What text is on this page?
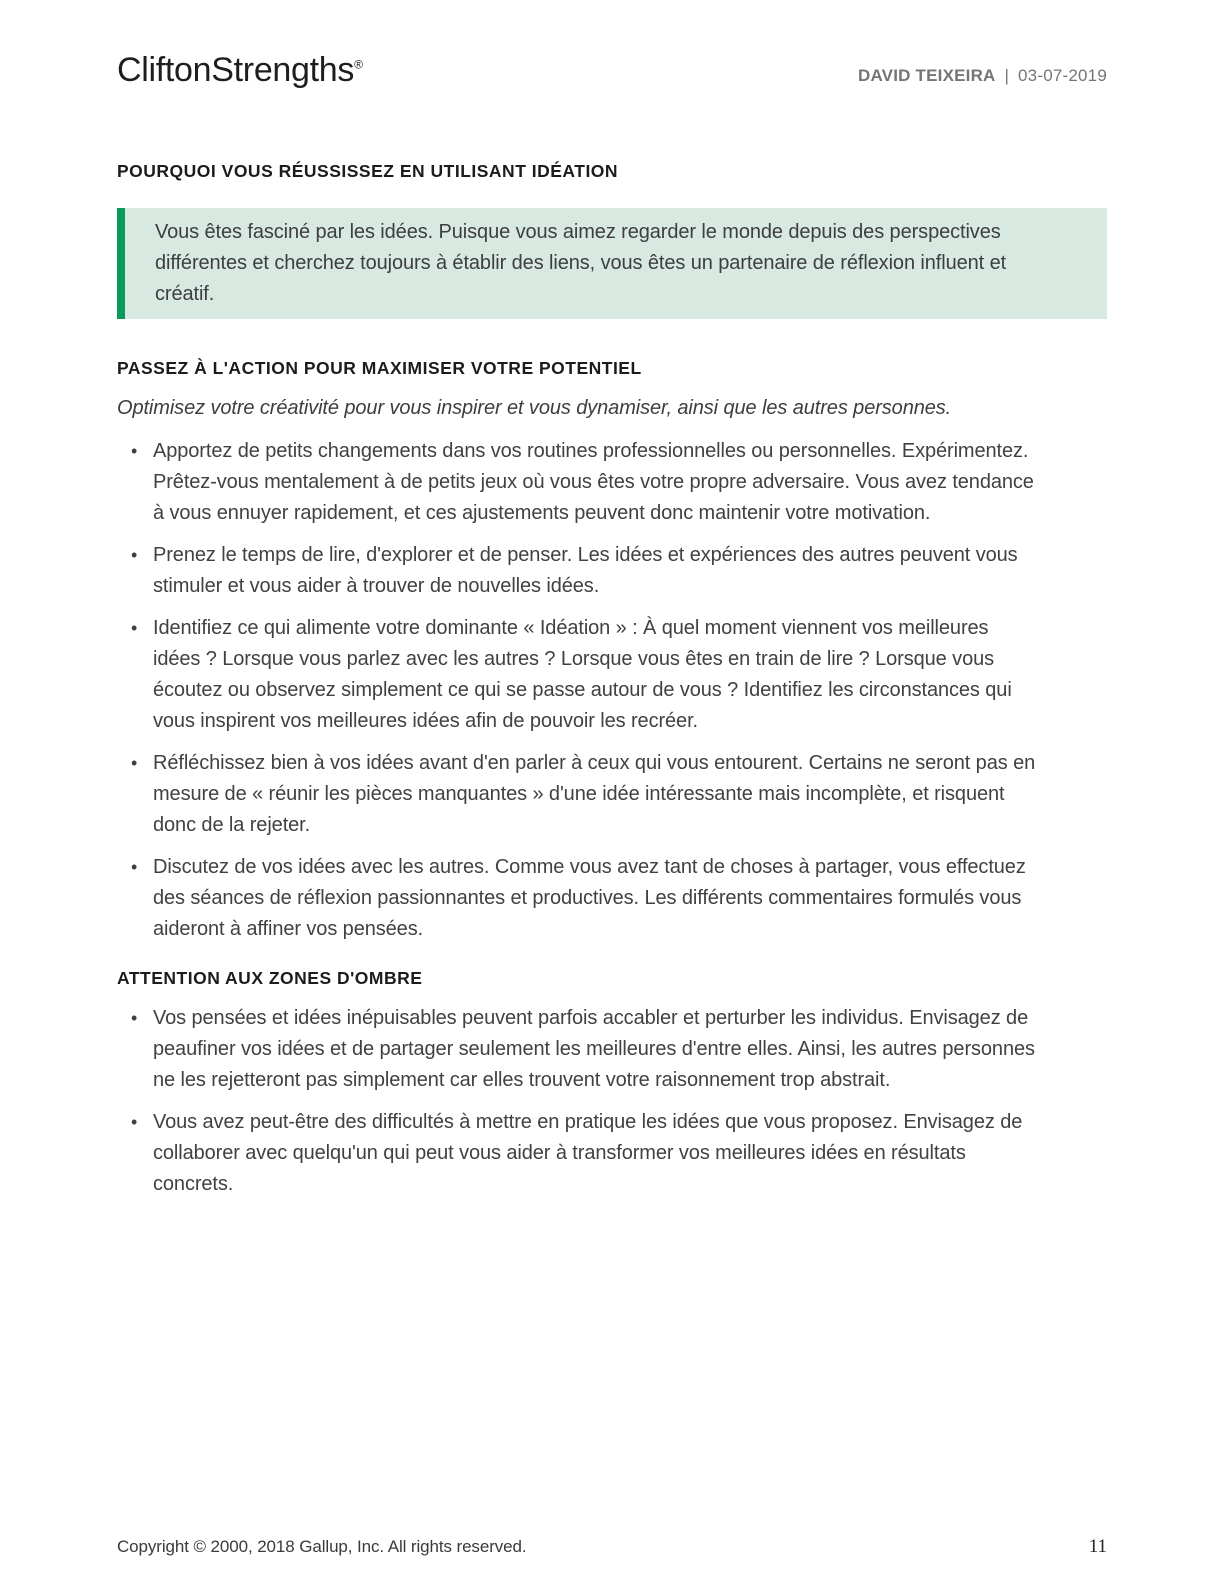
CliftonStrengths®
DAVID TEIXEIRA | 03-07-2019
POURQUOI VOUS RÉUSSISSEZ EN UTILISANT IDÉATION

Vous êtes fasciné par les idées. Puisque vous aimez regarder le monde depuis des perspectives différentes et cherchez toujours à établir des liens, vous êtes un partenaire de réflexion influent et créatif.

PASSEZ À L'ACTION POUR MAXIMISER VOTRE POTENTIEL

Optimisez votre créativité pour vous inspirer et vous dynamiser, ainsi que les autres personnes.

• Apportez de petits changements dans vos routines professionnelles ou personnelles. Expérimentez. Prêtez-vous mentalement à de petits jeux où vous êtes votre propre adversaire. Vous avez tendance à vous ennuyer rapidement, et ces ajustements peuvent donc maintenir votre motivation.
• Prenez le temps de lire, d'explorer et de penser. Les idées et expériences des autres peuvent vous stimuler et vous aider à trouver de nouvelles idées.
• Identifiez ce qui alimente votre dominante « Idéation » : À quel moment viennent vos meilleures idées ? Lorsque vous parlez avec les autres ? Lorsque vous êtes en train de lire ? Lorsque vous écoutez ou observez simplement ce qui se passe autour de vous ? Identifiez les circonstances qui vous inspirent vos meilleures idées afin de pouvoir les recréer.
• Réfléchissez bien à vos idées avant d'en parler à ceux qui vous entourent. Certains ne seront pas en mesure de « réunir les pièces manquantes » d'une idée intéressante mais incomplète, et risquent donc de la rejeter.
• Discutez de vos idées avec les autres. Comme vous avez tant de choses à partager, vous effectuez des séances de réflexion passionnantes et productives. Les différents commentaires formulés vous aideront à affiner vos pensées.
ATTENTION AUX ZONES D'OMBRE
• Vos pensées et idées inépuisables peuvent parfois accabler et perturber les individus. Envisagez de peaufiner vos idées et de partager seulement les meilleures d'entre elles. Ainsi, les autres personnes ne les rejetteront pas simplement car elles trouvent votre raisonnement trop abstrait.
• Vous avez peut-être des difficultés à mettre en pratique les idées que vous proposez. Envisagez de collaborer avec quelqu'un qui peut vous aider à transformer vos meilleures idées en résultats concrets.
Copyright © 2000, 2018 Gallup, Inc. All rights reserved.	11
